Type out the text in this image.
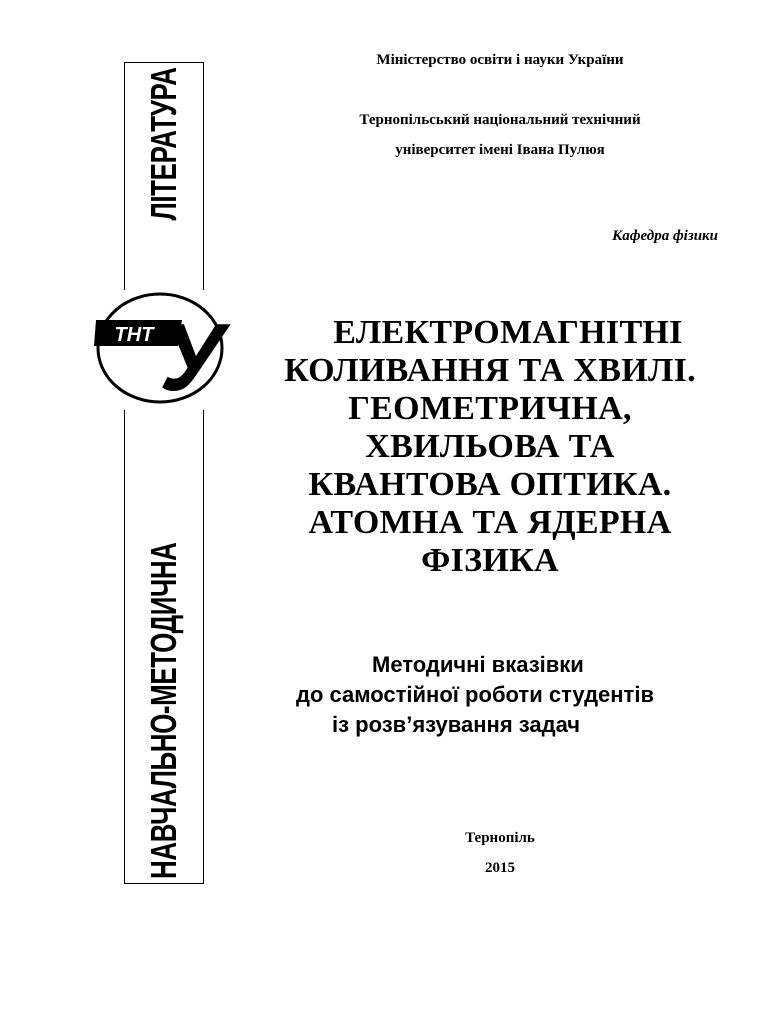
НАВЧАЛЬНО-МЕТОДИЧНА
ЛІТЕРАТУРА
ТНТ У
Міністерство освіти і науки України
Тернопільський національний технічний
університет імені Івана Пулюя
Кафедра фізики
ЕЛЕКТРОМАГНІТНІ
КОЛИВАННЯ ТА ХВИЛІ.
ГЕОМЕТРИЧНА,
ХВИЛЬОВА ТА
КВАНТОВА ОПТИКА.
АТОМНА ТА ЯДЕРНА
ФІЗИКА
Методичні вказівки
до самостійної роботи студентів
із розв’язування задач
Тернопіль
2015
